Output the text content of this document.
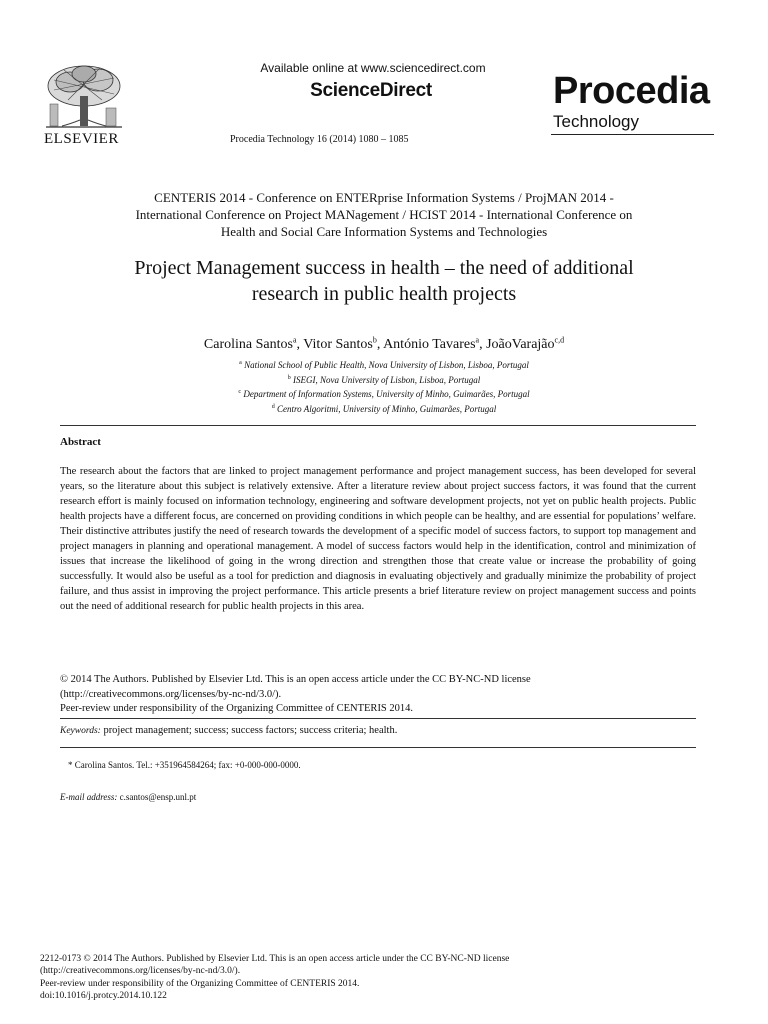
ELSEVIER
Available online at www.sciencedirect.com
ScienceDirect
Procedia Technology 16 (2014) 1080 – 1085
Procedia
Technology
CENTERIS 2014 - Conference on ENTERprise Information Systems / ProjMAN 2014 -
International Conference on Project MANagement / HCIST 2014 - International Conference on
Health and Social Care Information Systems and Technologies
Project Management success in health – the need of additional
research in public health projects
Carolina Santos$^a$, Vitor Santos$^b$, António Tavares$^a$, JoãoVarajão$^{c,d}$
$^a$ National School of Public Health, Nova University of Lisbon, Lisboa, Portugal
$^b$ ISEGI, Nova University of Lisbon, Lisboa, Portugal
$^c$ Department of Information Systems, University of Minho, Guimarães, Portugal
$^d$ Centro Algoritmi, University of Minho, Guimarães, Portugal
Abstract
The research about the factors that are linked to project management performance and project management success, has been developed for several years, so the literature about this subject is relatively extensive. After a literature review about project success factors, it was found that the current research effort is mainly focused on information technology, engineering and software development projects, not yet on public health projects. Public health projects have a different focus, are concerned on providing conditions in which people can be healthy, and are essential for populations’ welfare. Their distinctive attributes justify the need of research towards the development of a specific model of success factors, to support top management and project managers in planning and operational management. A model of success factors would help in the identification, control and minimization of issues that increase the likelihood of going in the wrong direction and strengthen those that create value or increase the probability of going successfully. It would also be useful as a tool for prediction and diagnosis in evaluating objectively and gradually minimize the probability of project failure, and thus assist in improving the project performance. This article presents a brief literature review on project management success and points out the need of additional research for public health projects in this area.
© 2014 The Authors. Published by Elsevier Ltd. This is an open access article under the CC BY-NC-ND license
(http://creativecommons.org/licenses/by-nc-nd/3.0/).
Peer-review under responsibility of the Organizing Committee of CENTERIS 2014.
Keywords: project management; success; success factors; success criteria; health.
* Carolina Santos. Tel.: +351964584264; fax: +0-000-000-0000.
E-mail address: c.santos@ensp.unl.pt
2212-0173 © 2014 The Authors. Published by Elsevier Ltd. This is an open access article under the CC BY-NC-ND license
(http://creativecommons.org/licenses/by-nc-nd/3.0/).
Peer-review under responsibility of the Organizing Committee of CENTERIS 2014.
doi:10.1016/j.protcy.2014.10.122
